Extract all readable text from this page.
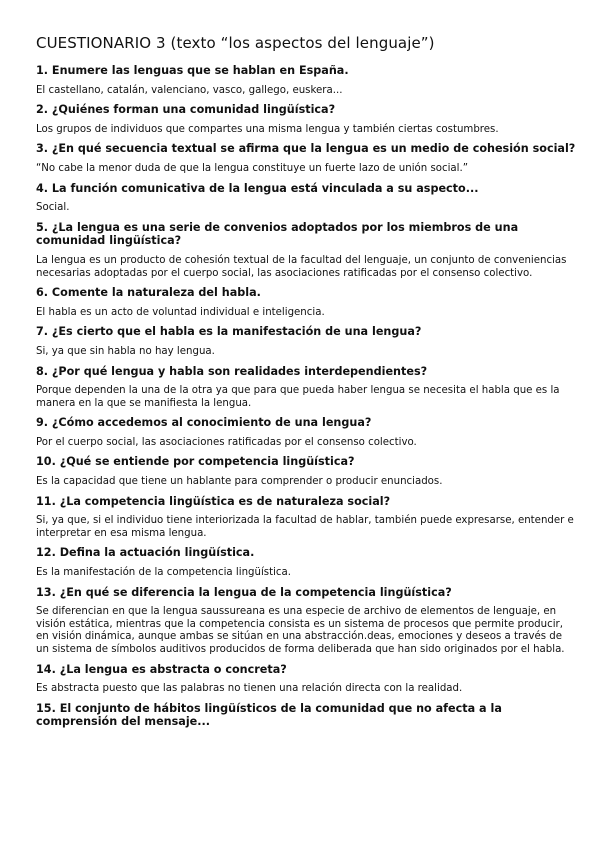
CUESTIONARIO 3 (texto “los aspectos del lenguaje”)
1. Enumere las lenguas que se hablan en España.
El castellano, catalán, valenciano, vasco, gallego, euskera...
2. ¿Quiénes forman una comunidad lingüística?
Los grupos de individuos que compartes una misma lengua y también ciertas costumbres.
3. ¿En qué secuencia textual se afirma que la lengua es un medio de cohesión social?
“No cabe la menor duda de que la lengua constituye un fuerte lazo de unión social.”
4. La función comunicativa de la lengua está vinculada a su aspecto...
Social.
5. ¿La lengua es una serie de convenios adoptados por los miembros de una comunidad lingüística?
La lengua es un producto de cohesión textual de la facultad del lenguaje, un conjunto de conveniencias necesarias adoptadas por el cuerpo social, las asociaciones ratificadas por el consenso colectivo.
6. Comente la naturaleza del habla.
El habla es un acto de voluntad individual e inteligencia.
7. ¿Es cierto que el habla es la manifestación de una lengua?
Si, ya que sin habla no hay lengua.
8. ¿Por qué lengua y habla son realidades interdependientes?
Porque dependen la una de la otra ya que para que pueda haber lengua se necesita el habla que es la manera en la que se manifiesta la lengua.
9. ¿Cómo accedemos al conocimiento de una lengua?
Por el cuerpo social, las asociaciones ratificadas por el consenso colectivo.
10. ¿Qué se entiende por competencia lingüística?
Es la capacidad que tiene un hablante para comprender o producir enunciados.
11. ¿La competencia lingüística es de naturaleza social?
Si, ya que, si el individuo tiene interiorizada la facultad de hablar, también puede expresarse, entender e interpretar en esa misma lengua.
12. Defina la actuación lingüística.
Es la manifestación de la competencia lingüística.
13. ¿En qué se diferencia la lengua de la competencia lingüística?
Se diferencian en que la lengua saussureana es una especie de archivo de elementos de lenguaje, en visión estática, mientras que la competencia consista es un sistema de procesos que permite producir, en visión dinámica, aunque ambas se sitúan en una abstracción.deas, emociones y deseos a través de un sistema de símbolos auditivos producidos de forma deliberada que han sido originados por el habla.
14. ¿La lengua es abstracta o concreta?
Es abstracta puesto que las palabras no tienen una relación directa con la realidad.
15. El conjunto de hábitos lingüísticos de la comunidad que no afecta a la comprensión del mensaje...
